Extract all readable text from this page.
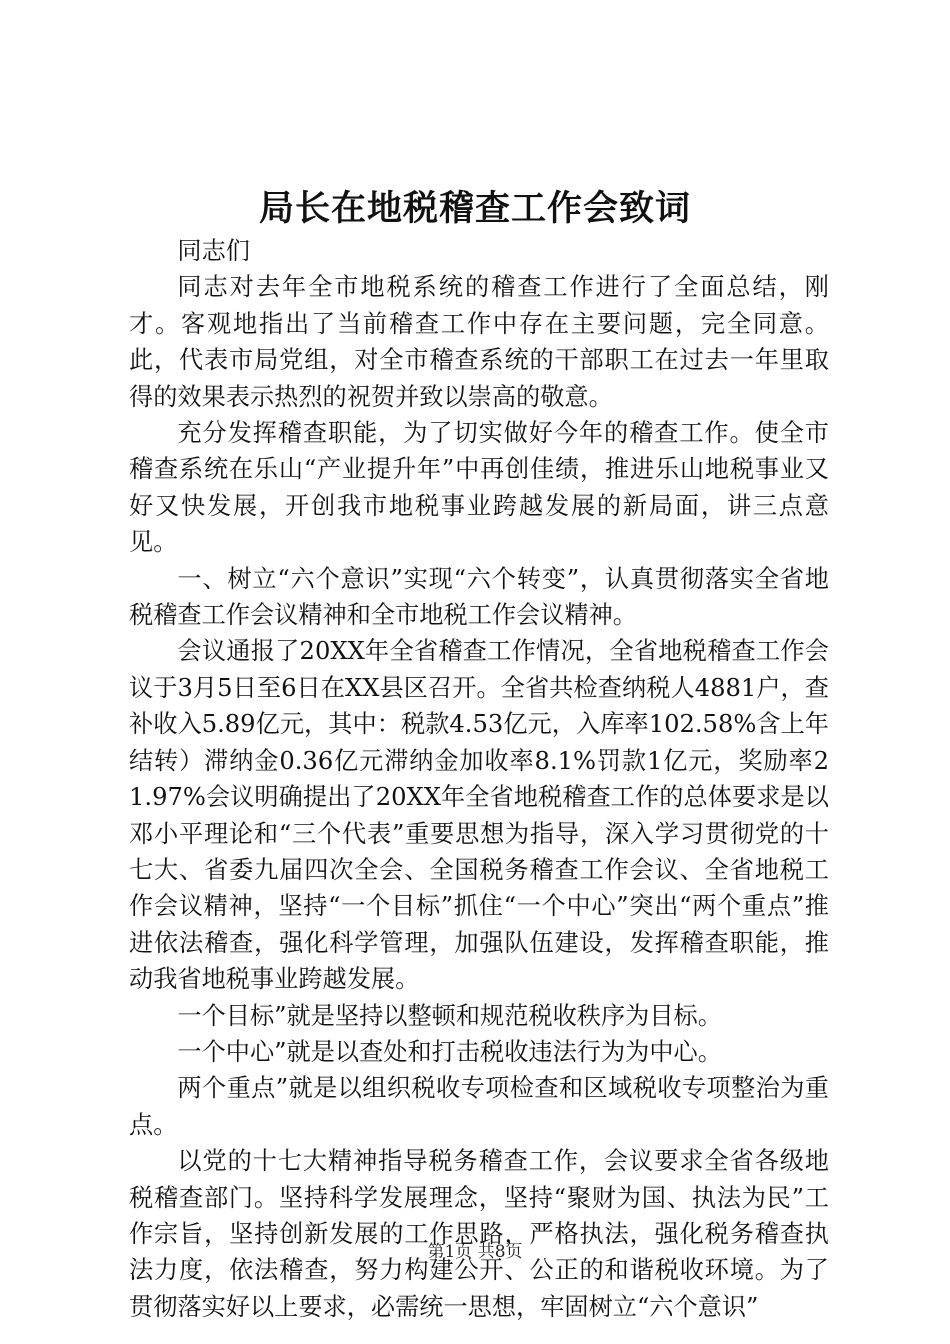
局长在地税稽查工作会致词

同志们

同志对去年全市地税系统的稽查工作进行了全面总结，刚才。客观地指出了当前稽查工作中存在主要问题，完全同意。此，代表市局党组，对全市稽查系统的干部职工在过去一年里取得的效果表示热烈的祝贺并致以崇高的敬意。

充分发挥稽查职能，为了切实做好今年的稽查工作。使全市稽查系统在乐山“产业提升年”中再创佳绩，推进乐山地税事业又好又快发展，开创我市地税事业跨越发展的新局面，讲三点意见。

一、树立“六个意识”实现“六个转变”，认真贯彻落实全省地税稽查工作会议精神和全市地税工作会议精神。

会议通报了20XX年全省稽查工作情况，全省地税稽查工作会议于3月5日至6日在XX县区召开。全省共检查纳税人4881户，查补收入5.89亿元，其中：税款4.53亿元，入库率102.58%含上年结转）滞纳金0.36亿元滞纳金加收率8.1%罚款1亿元，奖励率21.97%会议明确提出了20XX年全省地税稽查工作的总体要求是以邓小平理论和“三个代表”重要思想为指导，深入学习贯彻党的十七大、省委九届四次全会、全国税务稽查工作会议、全省地税工作会议精神，坚持“一个目标”抓住“一个中心”突出“两个重点”推进依法稽查，强化科学管理，加强队伍建设，发挥稽查职能，推动我省地税事业跨越发展。

一个目标”就是坚持以整顿和规范税收秩序为目标。

一个中心”就是以查处和打击税收违法行为为中心。

两个重点”就是以组织税收专项检查和区域税收专项整治为重点。

以党的十七大精神指导税务稽查工作，会议要求全省各级地税稽查部门。坚持科学发展理念，坚持“聚财为国、执法为民”工作宗旨，坚持创新发展的工作思路，严格执法，强化税务稽查执法力度，依法稽查，努力构建公开、公正的和谐税收环境。为了贯彻落实好以上要求，必需统一思想，牢固树立“六个意识”

第1页 共8页
